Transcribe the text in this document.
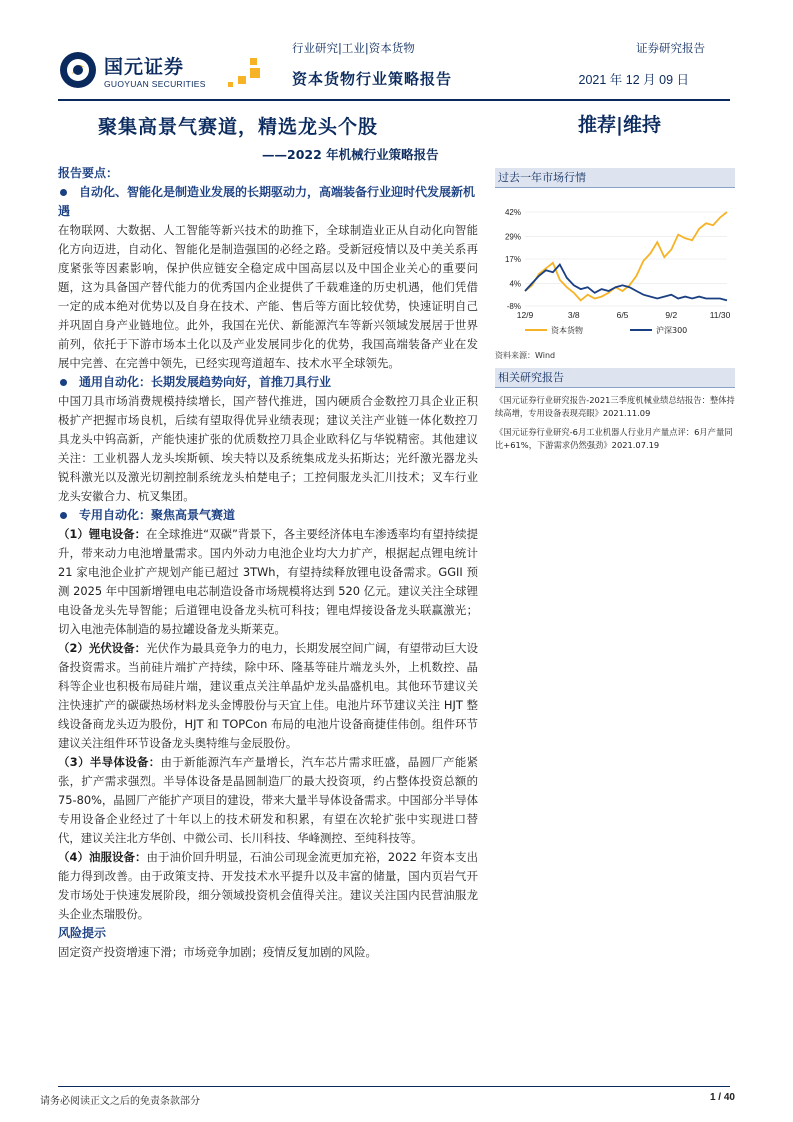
国元证券
GUOYUAN SECURITIES
行业研究|工业|资本货物
资本货物行业策略报告
证券研究报告
2021 年 12 月 09 日
聚集高景气赛道，精选龙头个股	推荐|维持
——2022 年机械行业策略报告
报告要点：
自动化、智能化是制造业发展的长期驱动力，高端装备行业迎时代发展新机遇
在物联网、大数据、人工智能等新兴技术的助推下，全球制造业正从自动化向智能化方向迈进，自动化、智能化是制造强国的必经之路。受新冠疫情以及中美关系再度紧张等因素影响，保护供应链安全稳定成中国高层以及中国企业关心的重要问题，这为具备国产替代能力的优秀国内企业提供了千载难逢的历史机遇，他们凭借一定的成本绝对优势以及自身在技术、产能、售后等方面比较优势，快速证明自己并巩固自身产业链地位。此外，我国在光伏、新能源汽车等新兴领域发展居于世界前列，依托于下游市场本土化以及产业发展同步化的优势，我国高端装备产业在发展中完善、在完善中领先，已经实现弯道超车、技术水平全球领先。
通用自动化：长期发展趋势向好，首推刀具行业
中国刀具市场消费规模持续增长，国产替代推进，国内硬质合金数控刀具企业正积极扩产把握市场良机，后续有望取得优异业绩表现；建议关注产业链一体化数控刀具龙头中钨高新，产能快速扩张的优质数控刀具企业欧科亿与华锐精密。其他建议关注：工业机器人龙头埃斯顿、埃夫特以及系统集成龙头拓斯达；光纤激光器龙头锐科激光以及激光切割控制系统龙头柏楚电子；工控伺服龙头汇川技术；叉车行业龙头安徽合力、杭叉集团。
专用自动化：聚焦高景气赛道
（1）锂电设备：在全球推进“双碳”背景下，各主要经济体电车渗透率均有望持续提升，带来动力电池增量需求。国内外动力电池企业均大力扩产，根据起点锂电统计 21 家电池企业扩产规划产能已超过 3TWh，有望持续释放锂电设备需求。GGII 预测 2025 年中国新增锂电电芯制造设备市场规模将达到 520 亿元。建议关注全球锂电设备龙头先导智能；后道锂电设备龙头杭可科技；锂电焊接设备龙头联赢激光；切入电池壳体制造的易拉罐设备龙头斯莱克。
（2）光伏设备：光伏作为最具竞争力的电力，长期发展空间广阔，有望带动巨大设备投资需求。当前硅片端扩产持续，除中环、隆基等硅片端龙头外，上机数控、晶科等企业也积极布局硅片端，建议重点关注单晶炉龙头晶盛机电。其他环节建议关注快速扩产的碳碳热场材料龙头金博股份与天宜上佳。电池片环节建议关注 HJT 整线设备商龙头迈为股份，HJT 和 TOPCon 布局的电池片设备商捷佳伟创。组件环节建议关注组件环节设备龙头奥特维与金辰股份。
（3）半导体设备：由于新能源汽车产量增长，汽车芯片需求旺盛，晶圆厂产能紧张，扩产需求强烈。半导体设备是晶圆制造厂的最大投资项，约占整体投资总额的 75-80%，晶圆厂产能扩产项目的建设，带来大量半导体设备需求。中国部分半导体专用设备企业经过了十年以上的技术研发和积累，有望在次轮扩张中实现进口替代，建议关注北方华创、中微公司、长川科技、华峰测控、至纯科技等。
（4）油服设备：由于油价回升明显，石油公司现金流更加充裕，2022 年资本支出能力得到改善。由于政策支持、开发技术水平提升以及丰富的储量，国内页岩气开发市场处于快速发展阶段，细分领域投资机会值得关注。建议关注国内民营油服龙头企业杰瑞股份。
风险提示
固定资产投资增速下滑；市场竞争加剧；疫情反复加剧的风险。
过去一年市场行情
42%
29%
17%
4%
-8%
12/9	3/8	6/5	9/2	11/30
资本货物	沪深300
资料来源：Wind
相关研究报告
《国元证券行业研究报告-2021三季度机械业绩总结报告：整体持续高增，专用设备表现亮眼》2021.11.09
《国元证券行业研究-6月工业机器人行业月产量点评：6月产量同比+61%，下游需求仍然强劲》2021.07.19
请务必阅读正文之后的免责条款部分	1 / 40
